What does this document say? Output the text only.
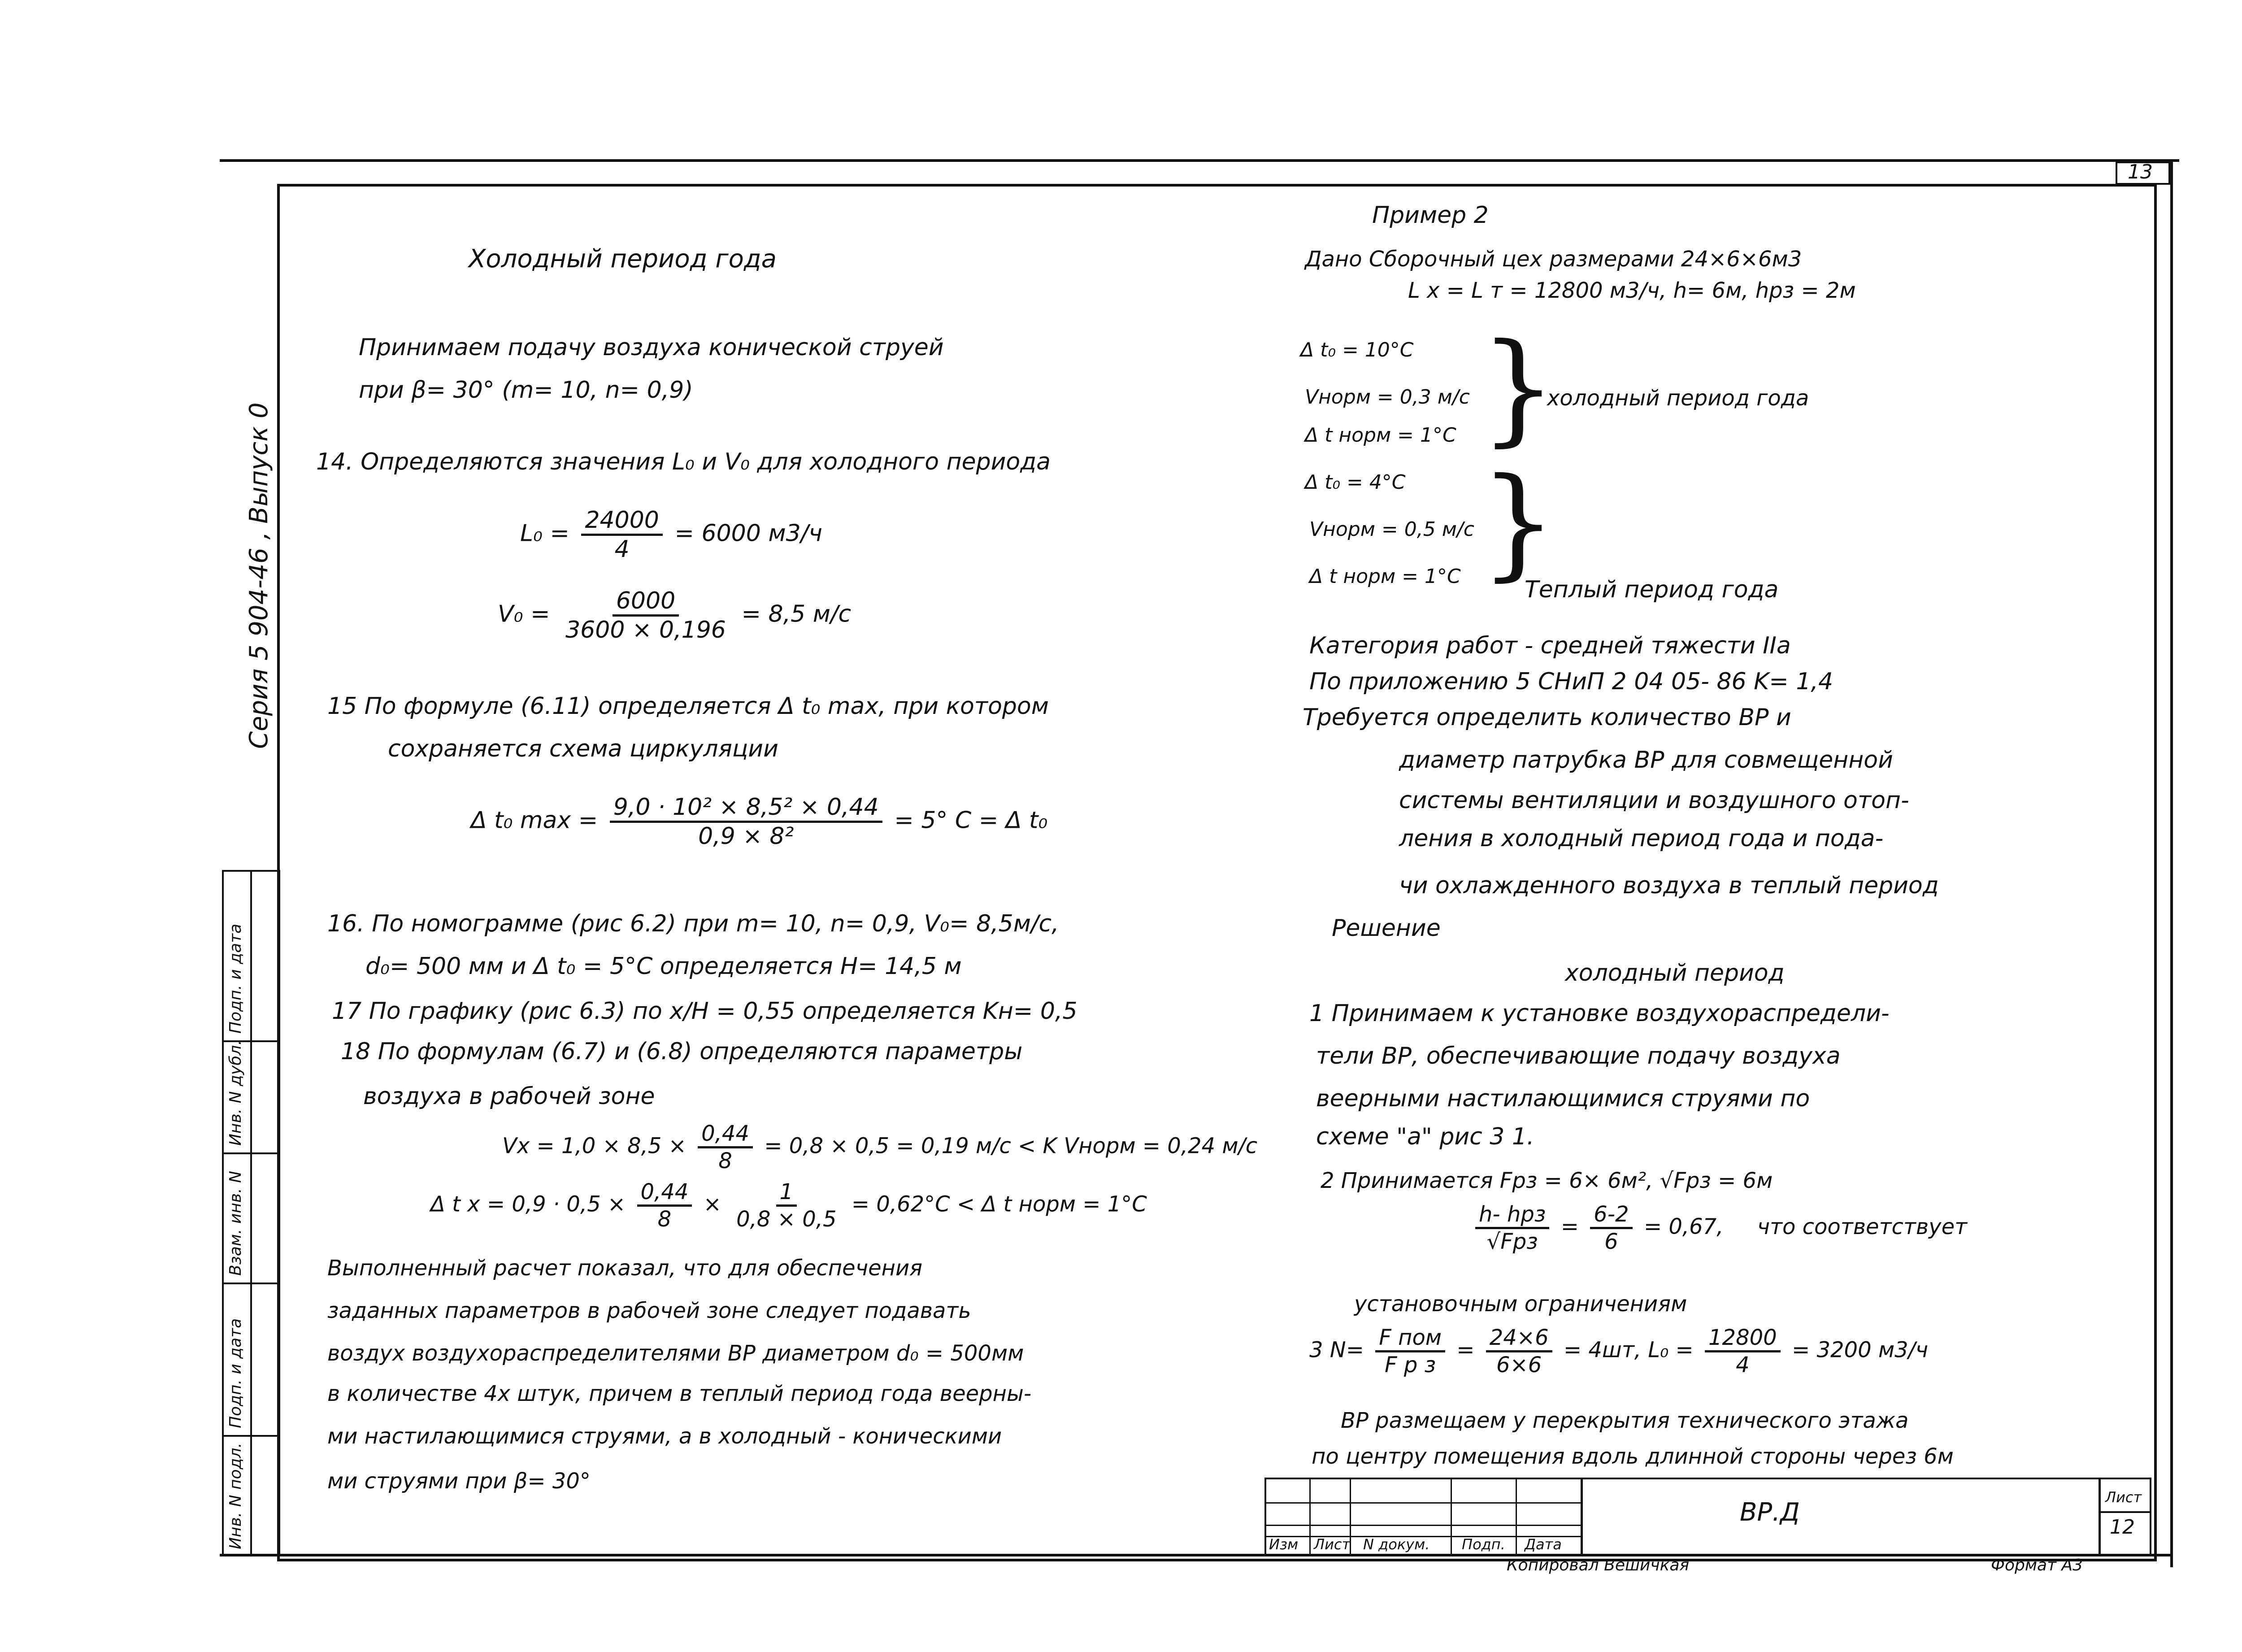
13
Серия 5 904-46 , Выпуск 0
Инв. N подл.
Подп. и дата
Взам. инв. N
Инв. N дубл.
Подп. и дата
Холодный период года
Принимаем подачу воздуха конической струей
при β= 30° (m= 10, n= 0,9)
14. Определяются значения L₀ и V₀ для холодного периода
$L_0 = \frac{24000}{4} = 6000$ м3/ч
$V_0 = \frac{6000}{3600 \times 0,196} = 8,5$ м/с
15 По формуле (6.11) определяется Δ t₀ max, при котором
сохраняется схема циркуляции
Δ t₀ $\max = \frac{\text{9,0 · 10² × 8,5² × 0,44}}{\text{0,9 × 8²}} = 5^\circ$ C = Δ t₀
16. По номограмме (рис 6.2) при m= 10, n= 0,9, V₀= 8,5м/с,
d₀= 500 мм и Δ t₀ = 5°C определяется H= 14,5 м
17 По графику (рис 6.3) по x/H = 0,55 определяется Kн= 0,5
18 По формулам (6.7) и (6.8) определяются параметры
воздуха в рабочей зоне
$Vx = 1,0 \times 8,5 \times \frac{0,44}{8} = 0,8 \times 0,5 = 0,19$ м/с < K Vнорм = 0,24 м/с
Δ t $x = 0,9 \cdot 0,5 \times \frac{0,44}{8} \times \frac{1}{0,8 \times 0,5} = 0,62^\circ C < \Delta$ t норм = 1°C
Выполненный расчет показал, что для обеспечения
заданных параметров в рабочей зоне следует подавать
воздух воздухораспределителями ВР диаметром d₀ = 500мм
в количестве 4х штук, причем в теплый период года веерны-
ми настилающимися струями, а в холодный - коническими
ми струями при β= 30°
Пример 2
Дано Сборочный цех размерами 24×6×6м3
L x = L т = 12800 м3/ч, h= 6м, hрз = 2м
Δ t₀ = 10°C
Vнорм = 0,3 м/с
Δ t норм = 1°C }
холодный период года
Δ t₀ = 4°C
Vнорм = 0,5 м/с
Δ t норм = 1°C }
Теплый период года
Категория работ - средней тяжести IIа
По приложению 5 СНиП 2 04 05- 86 K= 1,4
Требуется определить количество ВР и
диаметр патрубка ВР для совмещенной
системы вентиляции и воздушного отоп-
ления в холодный период года и пода-
чи охлажденного воздуха в теплый период
Решение
холодный период
1 Принимаем к установке воздухораспредели-
тели ВР, обеспечивающие подачу воздуха
веерными настилающимися струями по
схеме "а" рис 3 1.
2 Принимается Fрз = 6× 6м², √Fрз = 6м
$\frac{\text{h- hрз}}{\text{√Fрз}} = \frac{6-2}{6} = 0,67$, что соответствует
установочным ограничениям
3 $N= \frac{\text{F пом}}{\text{F р з}} = \frac{24\times 6}{6\times 6} = 4шт$, $L_0 = \frac{12800}{4} = 3200$ м3/ч
ВР размещаем у перекрытия технического этажа
по центру помещения вдоль длинной стороны через 6м
Изм Лист N докум. Подп. Дата
ВР.Д
Лист
12
Копировал Вешичкая	Формат А3
